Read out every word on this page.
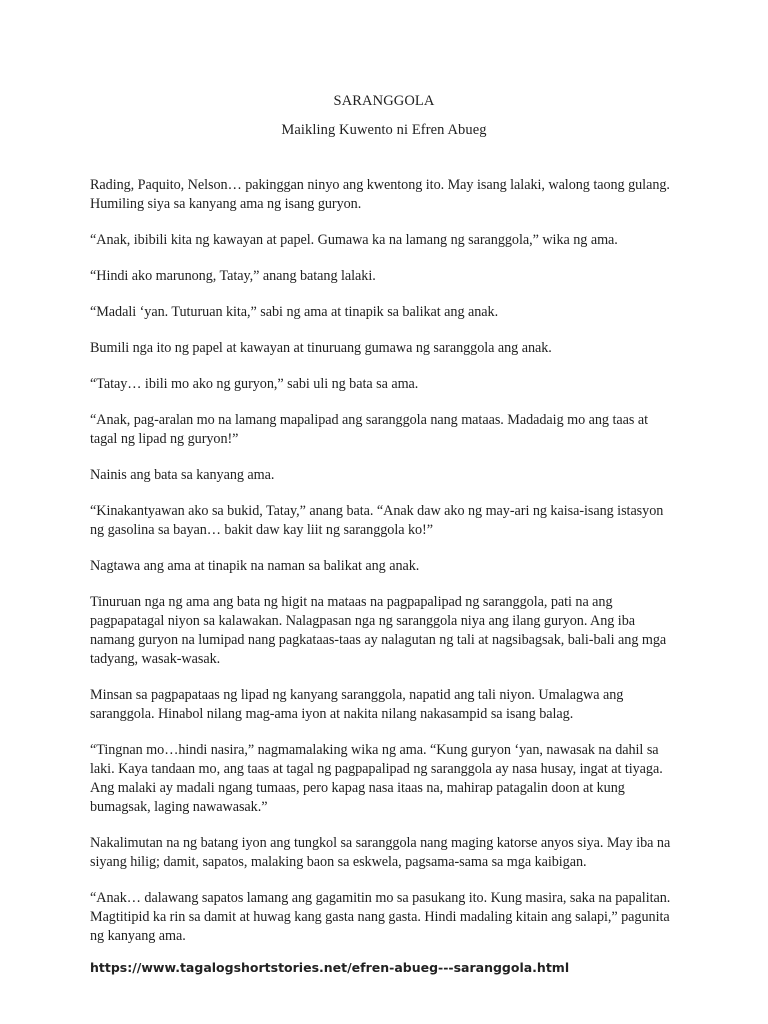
SARANGGOLA
Maikling Kuwento ni Efren Abueg

Rading, Paquito, Nelson… pakinggan ninyo ang kwentong ito. May isang lalaki, walong taong gulang. Humiling siya sa kanyang ama ng isang guryon.

“Anak, ibibili kita ng kawayan at papel. Gumawa ka na lamang ng saranggola,” wika ng ama.

“Hindi ako marunong, Tatay,” anang batang lalaki.

“Madali ‘yan. Tuturuan kita,” sabi ng ama at tinapik sa balikat ang anak.

Bumili nga ito ng papel at kawayan at tinuruang gumawa ng saranggola ang anak.

“Tatay… ibili mo ako ng guryon,” sabi uli ng bata sa ama.

“Anak, pag-aralan mo na lamang mapalipad ang saranggola nang mataas. Madadaig mo ang taas at tagal ng lipad ng guryon!”

Nainis ang bata sa kanyang ama.

“Kinakantyawan ako sa bukid, Tatay,” anang bata. “Anak daw ako ng may-ari ng kaisa-isang istasyon ng gasolina sa bayan… bakit daw kay liit ng saranggola ko!”

Nagtawa ang ama at tinapik na naman sa balikat ang anak.

Tinuruan nga ng ama ang bata ng higit na mataas na pagpapalipad ng saranggola, pati na ang pagpapatagal niyon sa kalawakan. Nalagpasan nga ng saranggola niya ang ilang guryon. Ang iba namang guryon na lumipad nang pagkataas-taas ay nalagutan ng tali at nagsibagsak, bali-bali ang mga tadyang, wasak-wasak.

Minsan sa pagpapataas ng lipad ng kanyang saranggola, napatid ang tali niyon. Umalagwa ang saranggola. Hinabol nilang mag-ama iyon at nakita nilang nakasampid sa isang balag.

“Tingnan mo…hindi nasira,” nagmamalaking wika ng ama. “Kung guryon ‘yan, nawasak na dahil sa laki. Kaya tandaan mo, ang taas at tagal ng pagpapalipad ng saranggola ay nasa husay, ingat at tiyaga. Ang malaki ay madali ngang tumaas, pero kapag nasa itaas na, mahirap patagalin doon at kung bumagsak, laging nawawasak.”

Nakalimutan na ng batang iyon ang tungkol sa saranggola nang maging katorse anyos siya. May iba na siyang hilig; damit, sapatos, malaking baon sa eskwela, pagsama-sama sa mga kaibigan.

“Anak… dalawang sapatos lamang ang gagamitin mo sa pasukang ito. Kung masira, saka na papalitan. Magtitipid ka rin sa damit at huwag kang gasta nang gasta. Hindi madaling kitain ang salapi,” pagunita ng kanyang ama.

https://www.tagalogshortstories.net/efren-abueg---saranggola.html
